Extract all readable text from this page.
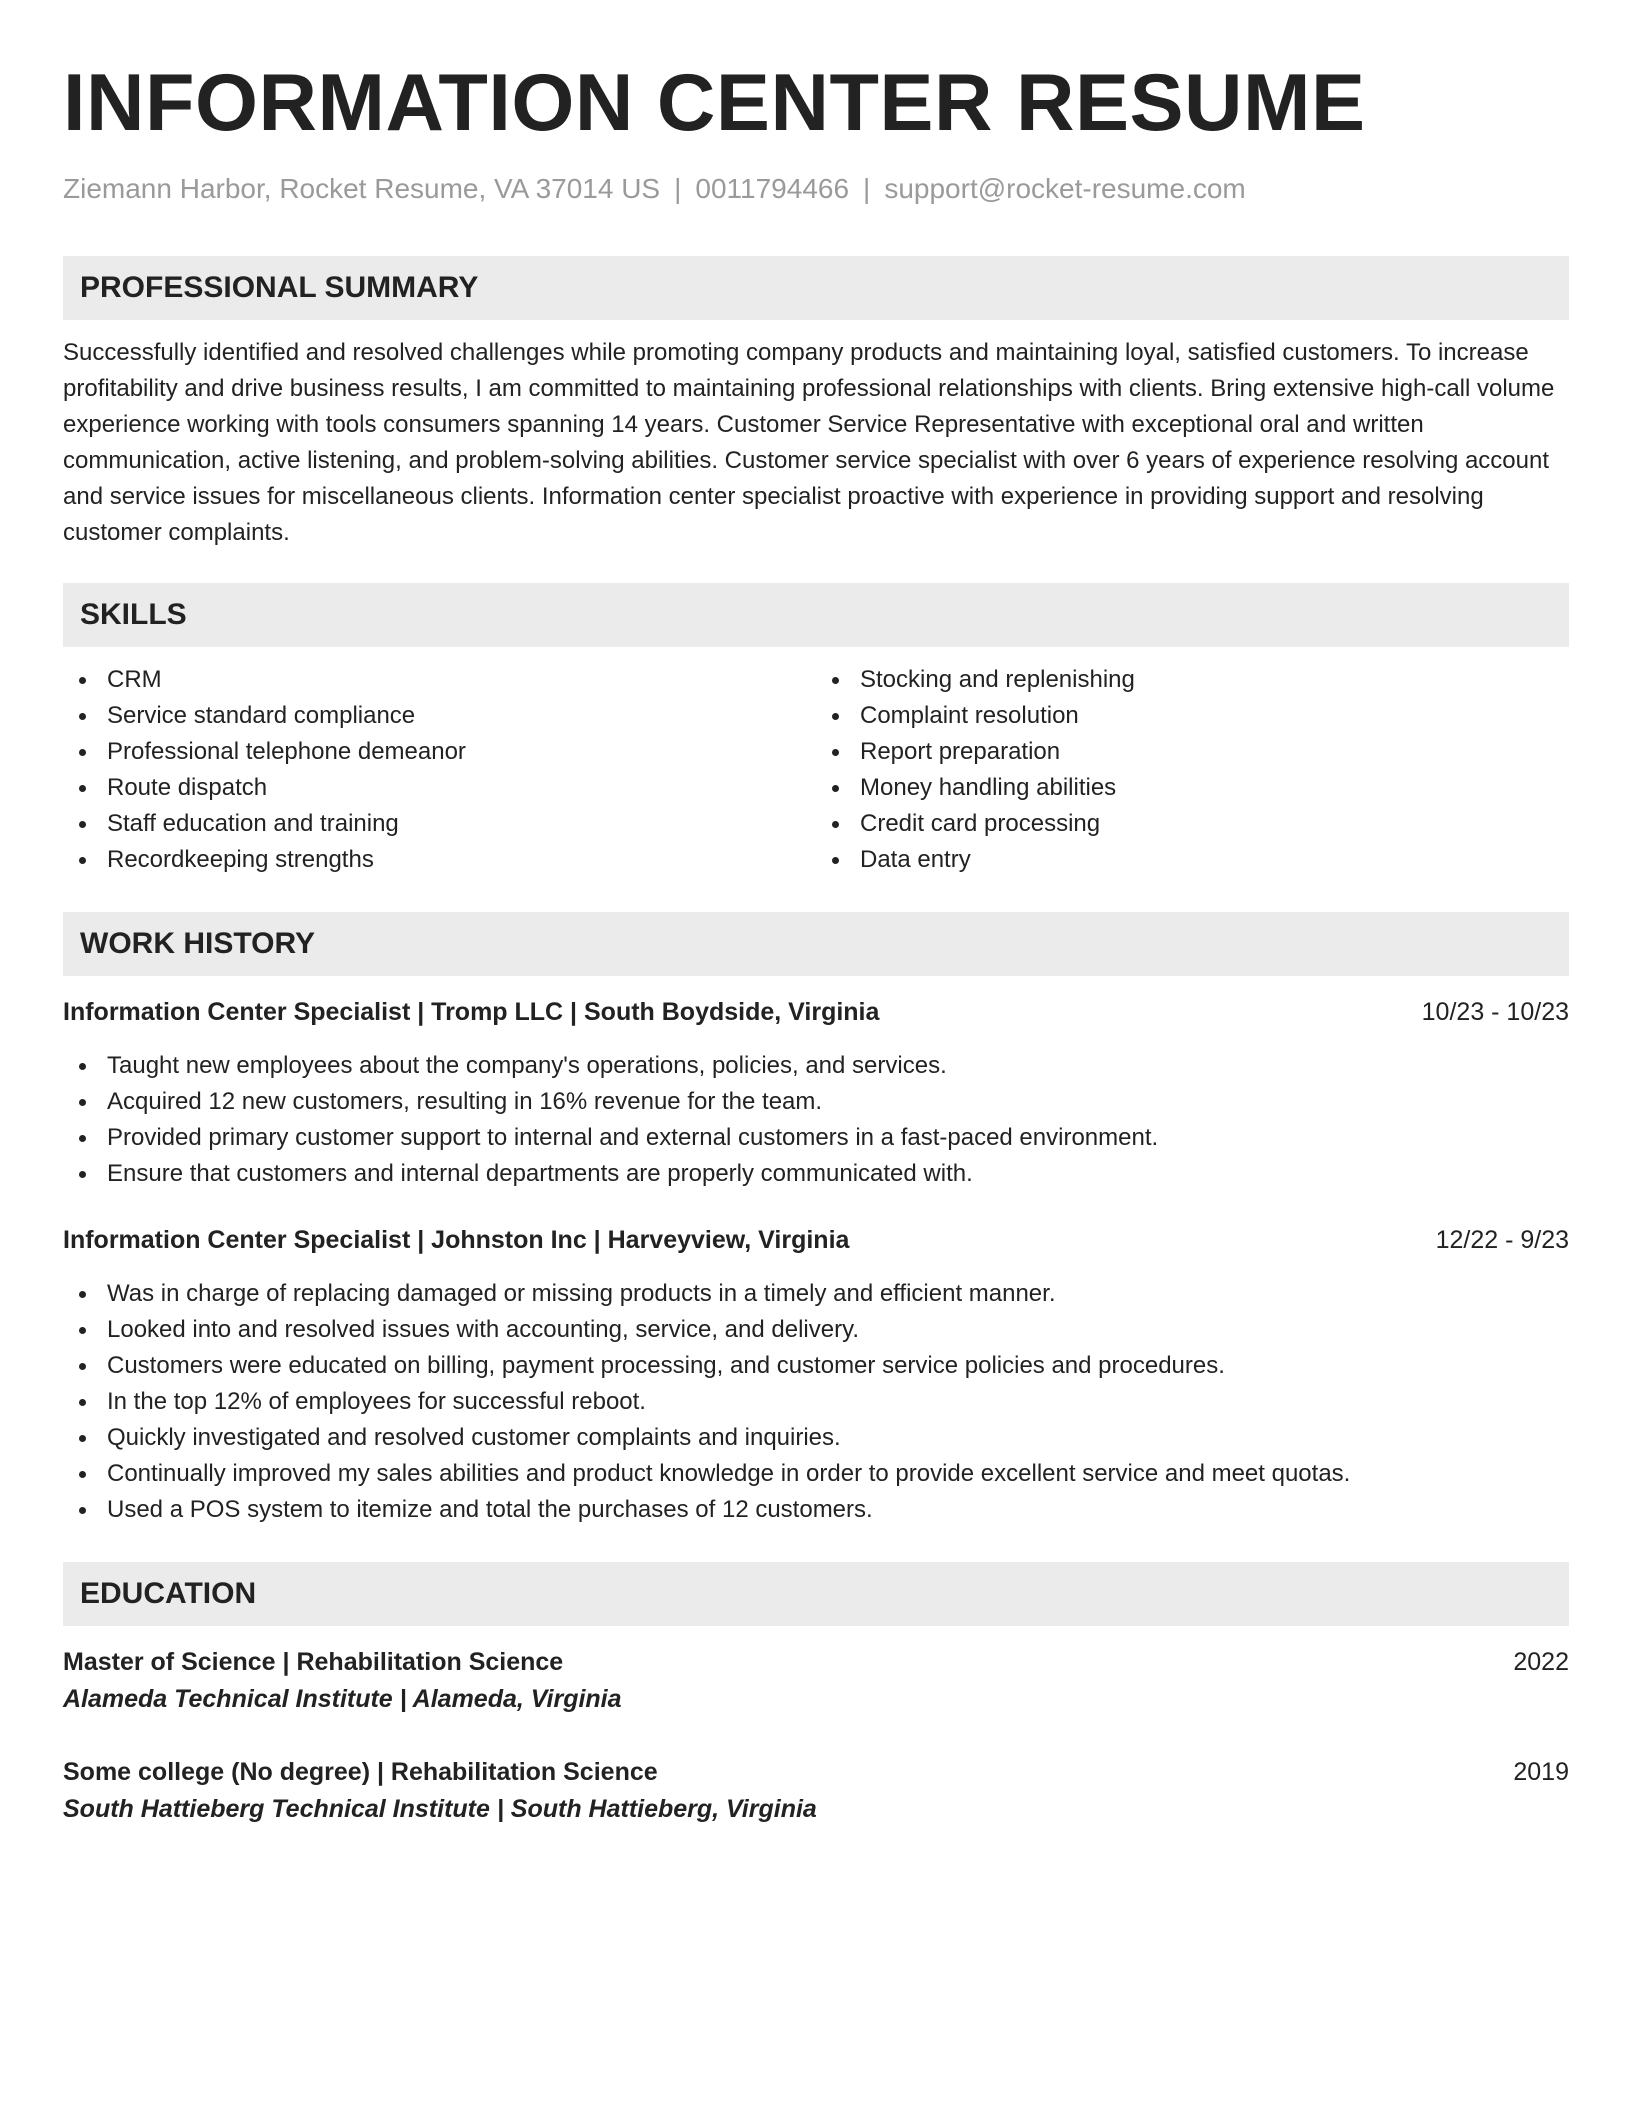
INFORMATION CENTER RESUME
Ziemann Harbor, Rocket Resume, VA 37014 US | 0011794466 | support@rocket-resume.com
PROFESSIONAL SUMMARY
Successfully identified and resolved challenges while promoting company products and maintaining loyal, satisfied customers. To increase profitability and drive business results, I am committed to maintaining professional relationships with clients. Bring extensive high-call volume experience working with tools consumers spanning 14 years. Customer Service Representative with exceptional oral and written communication, active listening, and problem-solving abilities. Customer service specialist with over 6 years of experience resolving account and service issues for miscellaneous clients. Information center specialist proactive with experience in providing support and resolving customer complaints.
SKILLS
CRM
Service standard compliance
Professional telephone demeanor
Route dispatch
Staff education and training
Recordkeeping strengths
Stocking and replenishing
Complaint resolution
Report preparation
Money handling abilities
Credit card processing
Data entry
WORK HISTORY
Information Center Specialist | Tromp LLC | South Boydside, Virginia	10/23 - 10/23
Taught new employees about the company's operations, policies, and services.
Acquired 12 new customers, resulting in 16% revenue for the team.
Provided primary customer support to internal and external customers in a fast-paced environment.
Ensure that customers and internal departments are properly communicated with.
Information Center Specialist | Johnston Inc | Harveyview, Virginia	12/22 - 9/23
Was in charge of replacing damaged or missing products in a timely and efficient manner.
Looked into and resolved issues with accounting, service, and delivery.
Customers were educated on billing, payment processing, and customer service policies and procedures.
In the top 12% of employees for successful reboot.
Quickly investigated and resolved customer complaints and inquiries.
Continually improved my sales abilities and product knowledge in order to provide excellent service and meet quotas.
Used a POS system to itemize and total the purchases of 12 customers.
EDUCATION
Master of Science | Rehabilitation Science	2022
Alameda Technical Institute | Alameda, Virginia
Some college (No degree) | Rehabilitation Science	2019
South Hattieberg Technical Institute | South Hattieberg, Virginia
